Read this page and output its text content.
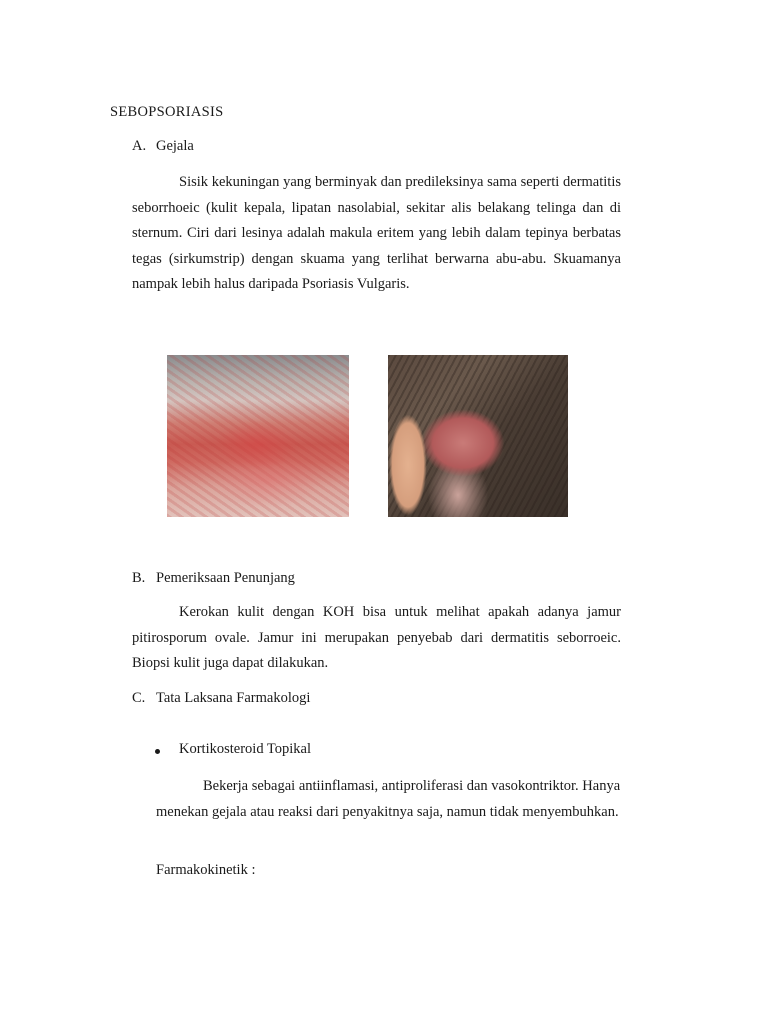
SEBOPSORIASIS
A. Gejala
Sisik kekuningan yang berminyak dan predileksinya sama seperti dermatitis seborrhoeic (kulit kepala, lipatan nasolabial, sekitar alis belakang telinga dan di sternum. Ciri dari lesinya adalah makula eritem yang lebih dalam tepinya berbatas tegas (sirkumstrip) dengan skuama yang terlihat berwarna abu-abu. Skuamanya nampak lebih halus daripada Psoriasis Vulgaris.
B. Pemeriksaan Penunjang
Kerokan kulit dengan KOH bisa untuk melihat apakah adanya jamur pitirosporum ovale. Jamur ini merupakan penyebab dari dermatitis seborroeic. Biopsi kulit juga dapat dilakukan.
C. Tata Laksana Farmakologi
Kortikosteroid Topikal
Bekerja sebagai antiinflamasi, antiproliferasi dan vasokontriktor. Hanya menekan gejala atau reaksi dari penyakitnya saja, namun tidak menyembuhkan.
Farmakokinetik :
